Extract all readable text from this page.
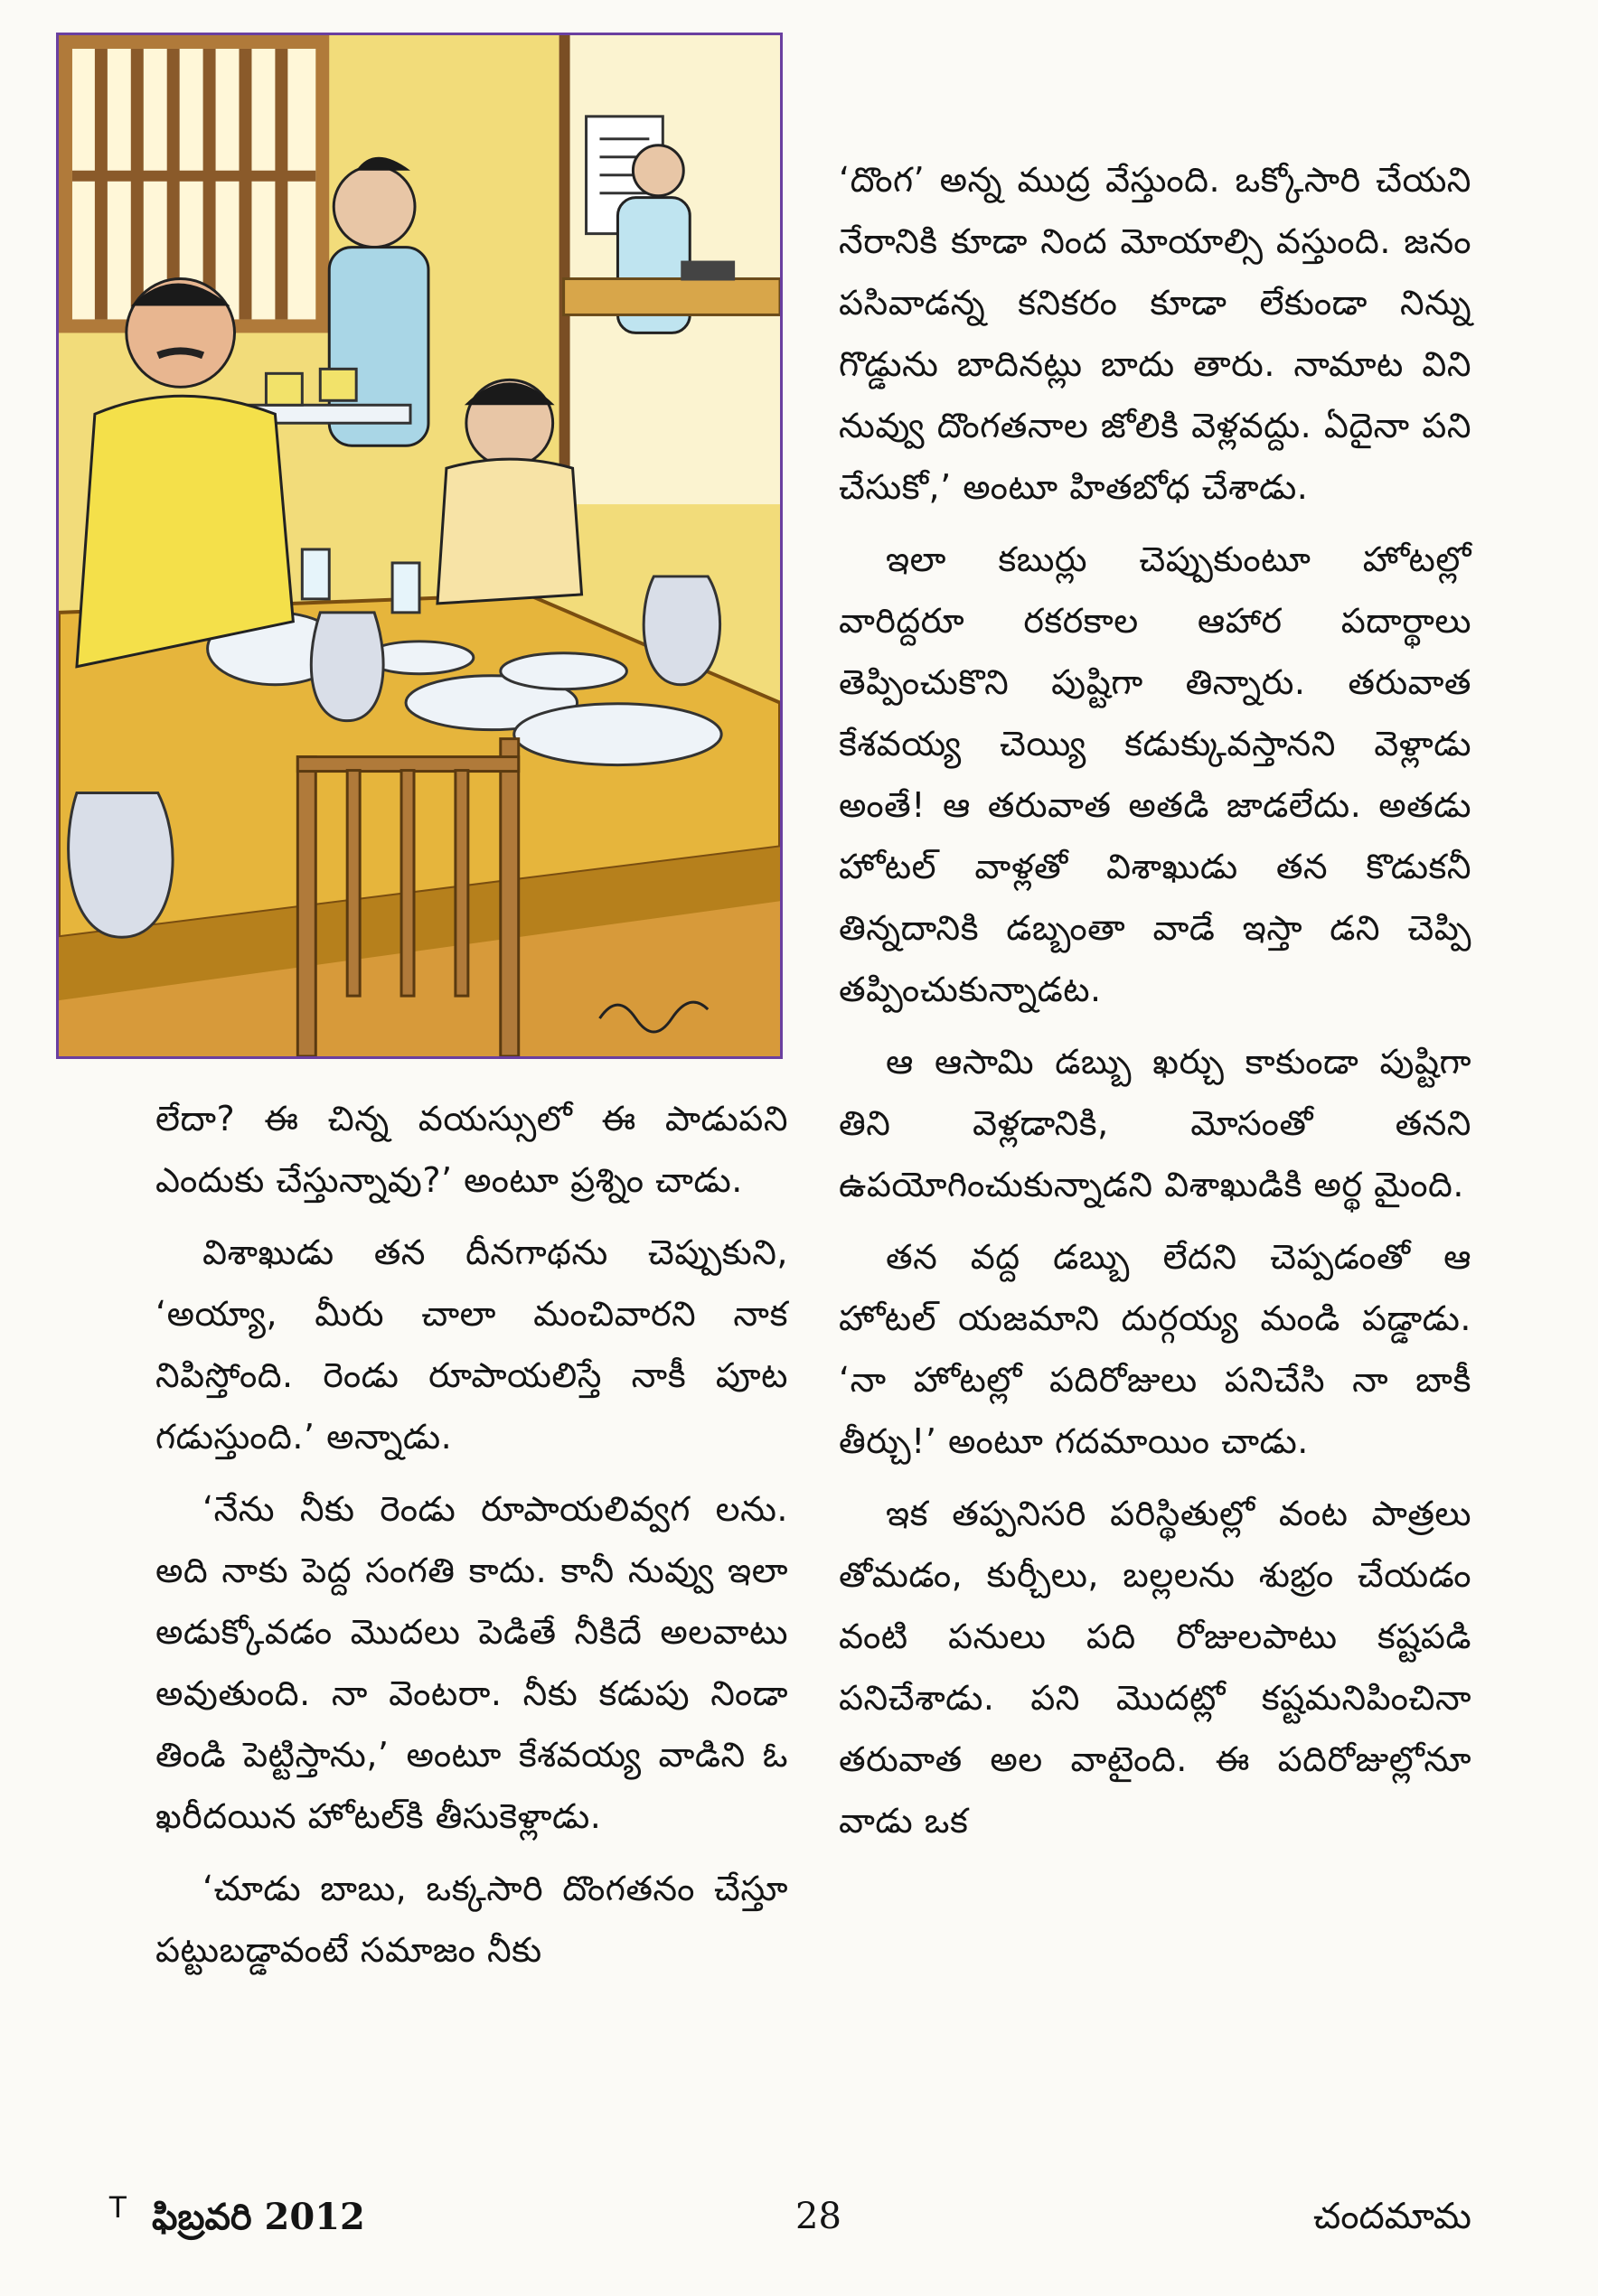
లేదా? ఈ చిన్న వయస్సులో ఈ పాడుపని ఎందుకు చేస్తున్నావు?’ అంటూ ప్రశ్నిం చాడు.

విశాఖుడు తన దీనగాథను చెప్పుకుని, ‘అయ్యా, మీరు చాలా మంచివారని నాక నిపిస్తోంది. రెండు రూపాయలిస్తే నాకీ పూట గడుస్తుంది.’ అన్నాడు.

‘నేను నీకు రెండు రూపాయలివ్వగ లను. అది నాకు పెద్ద సంగతి కాదు. కానీ నువ్వు ఇలా అడుక్కోవడం మొదలు పెడితే నీకిదే అలవాటు అవుతుంది. నా వెంటరా. నీకు కడుపు నిండా తిండి పెట్టిస్తాను,’ అంటూ కేశవయ్య వాడిని ఓ ఖరీదయిన హోటల్‌కి తీసుకెళ్లాడు.

‘చూడు బాబు, ఒక్కసారి దొంగతనం చేస్తూ పట్టుబడ్డావంటే సమాజం నీకు

‘దొంగ’ అన్న ముద్ర వేస్తుంది. ఒక్కోసారి చేయని నేరానికి కూడా నింద మోయాల్సి వస్తుంది. జనం పసివాడన్న కనికరం కూడా లేకుండా నిన్ను గొడ్డును బాదినట్లు బాదు తారు. నామాట విని నువ్వు దొంగతనాల జోలికి వెళ్లవద్దు. ఏదైనా పని చేసుకో,’ అంటూ హితబోధ చేశాడు.

ఇలా కబుర్లు చెప్పుకుంటూ హోటల్లో వారిద్దరూ రకరకాల ఆహార పదార్థాలు తెప్పించుకొని పుష్టిగా తిన్నారు. తరువాత కేశవయ్య చెయ్యి కడుక్కువస్తానని వెళ్లాడు అంతే! ఆ తరువాత అతడి జాడలేదు. అతడు హోటల్ వాళ్లతో విశాఖుడు తన కొడుకనీ తిన్నదానికి డబ్బంతా వాడే ఇస్తా డని చెప్పి తప్పించుకున్నాడట.

ఆ ఆసామి డబ్బు ఖర్చు కాకుండా పుష్టిగా తిని వెళ్లడానికి, మోసంతో తనని ఉపయోగించుకున్నాడని విశాఖుడికి అర్థ మైంది.

తన వద్ద డబ్బు లేదని చెప్పడంతో ఆ హోటల్ యజమాని దుర్గయ్య మండి పడ్డాడు. ‘నా హోటల్లో పదిరోజులు పనిచేసి నా బాకీ తీర్చు!’ అంటూ గదమాయిం చాడు.

ఇక తప్పనిసరి పరిస్థితుల్లో వంట పాత్రలు తోమడం, కుర్చీలు, బల్లలను శుభ్రం చేయడం వంటి పనులు పది రోజులపాటు కష్టపడి పనిచేశాడు. పని మొదట్లో కష్టమనిపించినా తరువాత అల వాటైంది. ఈ పదిరోజుల్లోనూ వాడు ఒక

T ఫిబ్రవరి 2012	28	చందమామ
